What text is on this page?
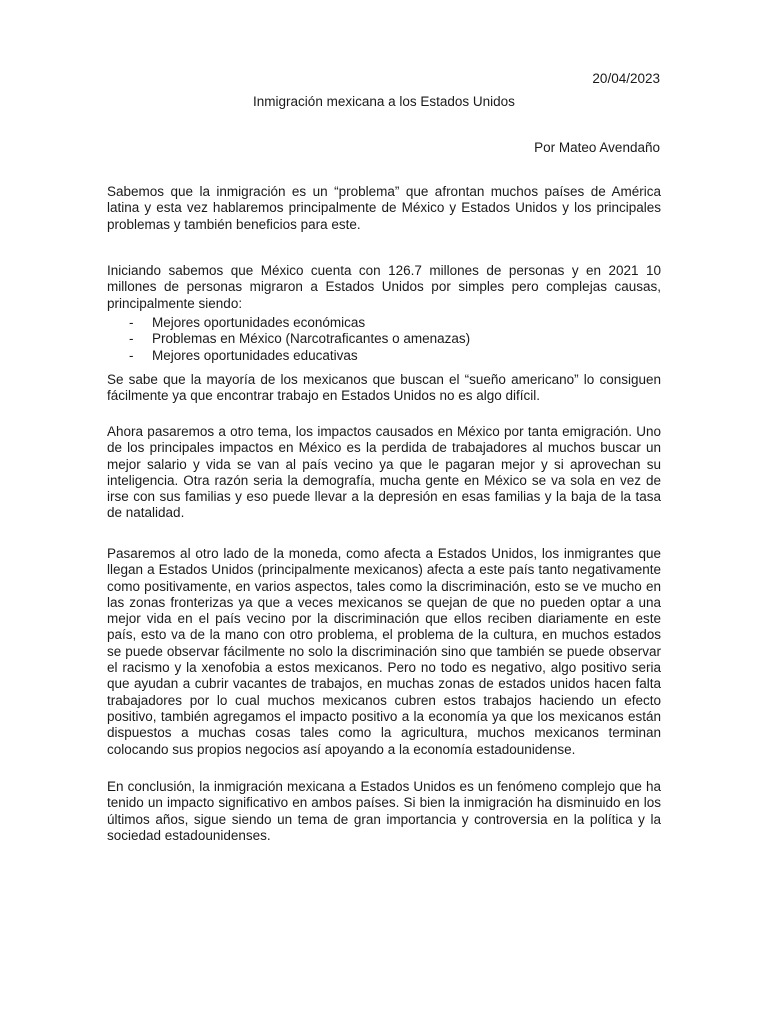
20/04/2023
Inmigración mexicana a los Estados Unidos
Por Mateo Avendaño

Sabemos que la inmigración es un “problema” que afrontan muchos países de América latina y esta vez hablaremos principalmente de México y Estados Unidos y los principales problemas y también beneficios para este.

Iniciando sabemos que México cuenta con 126.7 millones de personas y en 2021 10 millones de personas migraron a Estados Unidos por simples pero complejas causas, principalmente siendo:

- Mejores oportunidades económicas
- Problemas en México (Narcotraficantes o amenazas)
- Mejores oportunidades educativas

Se sabe que la mayoría de los mexicanos que buscan el “sueño americano” lo consiguen fácilmente ya que encontrar trabajo en Estados Unidos no es algo difícil.

Ahora pasaremos a otro tema, los impactos causados en México por tanta emigración. Uno de los principales impactos en México es la perdida de trabajadores al muchos buscar un mejor salario y vida se van al país vecino ya que le pagaran mejor y si aprovechan su inteligencia. Otra razón seria la demografía, mucha gente en México se va sola en vez de irse con sus familias y eso puede llevar a la depresión en esas familias y la baja de la tasa de natalidad.

Pasaremos al otro lado de la moneda, como afecta a Estados Unidos, los inmigrantes que llegan a Estados Unidos (principalmente mexicanos) afecta a este país tanto negativamente como positivamente, en varios aspectos, tales como la discriminación, esto se ve mucho en las zonas fronterizas ya que a veces mexicanos se quejan de que no pueden optar a una mejor vida en el país vecino por la discriminación que ellos reciben diariamente en este país, esto va de la mano con otro problema, el problema de la cultura, en muchos estados se puede observar fácilmente no solo la discriminación sino que también se puede observar el racismo y la xenofobia a estos mexicanos. Pero no todo es negativo, algo positivo seria que ayudan a cubrir vacantes de trabajos, en muchas zonas de estados unidos hacen falta trabajadores por lo cual muchos mexicanos cubren estos trabajos haciendo un efecto positivo, también agregamos el impacto positivo a la economía ya que los mexicanos están dispuestos a muchas cosas tales como la agricultura, muchos mexicanos terminan colocando sus propios negocios así apoyando a la economía estadounidense.

En conclusión, la inmigración mexicana a Estados Unidos es un fenómeno complejo que ha tenido un impacto significativo en ambos países. Si bien la inmigración ha disminuido en los últimos años, sigue siendo un tema de gran importancia y controversia en la política y la sociedad estadounidenses.
